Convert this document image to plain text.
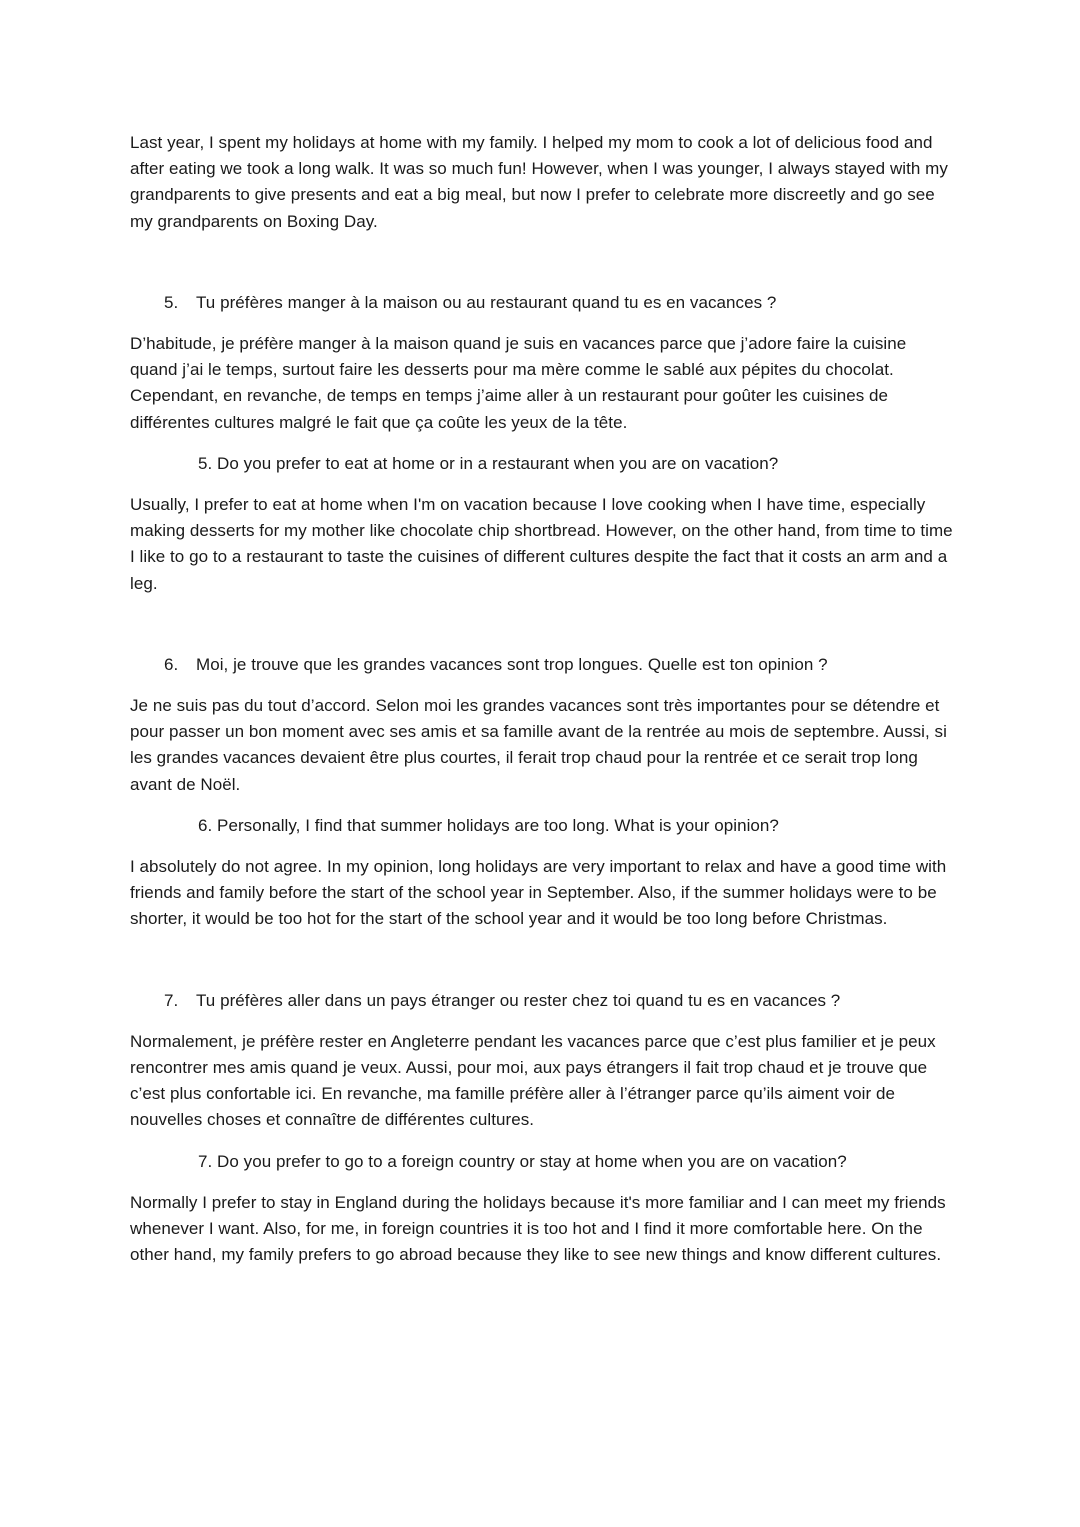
Last year, I spent my holidays at home with my family. I helped my mom to cook a lot of delicious food and after eating we took a long walk. It was so much fun! However, when I was younger, I always stayed with my grandparents to give presents and eat a big meal, but now I prefer to celebrate more discreetly and go see my grandparents on Boxing Day.

5.	Tu préfères manger à la maison ou au restaurant quand tu es en vacances ?

D’habitude, je préfère manger à la maison quand je suis en vacances parce que j’adore faire la cuisine quand j’ai le temps, surtout faire les desserts pour ma mère comme le sablé aux pépites du chocolat. Cependant, en revanche, de temps en temps j’aime aller à un restaurant pour goûter les cuisines de différentes cultures malgré le fait que ça coûte les yeux de la tête.

5. Do you prefer to eat at home or in a restaurant when you are on vacation?

Usually, I prefer to eat at home when I'm on vacation because I love cooking when I have time, especially making desserts for my mother like chocolate chip shortbread. However, on the other hand, from time to time I like to go to a restaurant to taste the cuisines of different cultures despite the fact that it costs an arm and a leg.

6.	Moi, je trouve que les grandes vacances sont trop longues. Quelle est ton opinion ?

Je ne suis pas du tout d’accord. Selon moi les grandes vacances sont très importantes pour se détendre et pour passer un bon moment avec ses amis et sa famille avant de la rentrée au mois de septembre. Aussi, si les grandes vacances devaient être plus courtes, il ferait trop chaud pour la rentrée et ce serait trop long avant de Noël.

6. Personally, I find that summer holidays are too long. What is your opinion?

I absolutely do not agree. In my opinion, long holidays are very important to relax and have a good time with friends and family before the start of the school year in September. Also, if the summer holidays were to be shorter, it would be too hot for the start of the school year and it would be too long before Christmas.

7.	Tu préfères aller dans un pays étranger ou rester chez toi quand tu es en vacances ?

Normalement, je préfère rester en Angleterre pendant les vacances parce que c’est plus familier et je peux rencontrer mes amis quand je veux. Aussi, pour moi, aux pays étrangers il fait trop chaud et je trouve que c’est plus confortable ici. En revanche, ma famille préfère aller à l’étranger parce qu’ils aiment voir de nouvelles choses et connaître de différentes cultures.

7. Do you prefer to go to a foreign country or stay at home when you are on vacation?

Normally I prefer to stay in England during the holidays because it's more familiar and I can meet my friends whenever I want. Also, for me, in foreign countries it is too hot and I find it more comfortable here. On the other hand, my family prefers to go abroad because they like to see new things and know different cultures.
